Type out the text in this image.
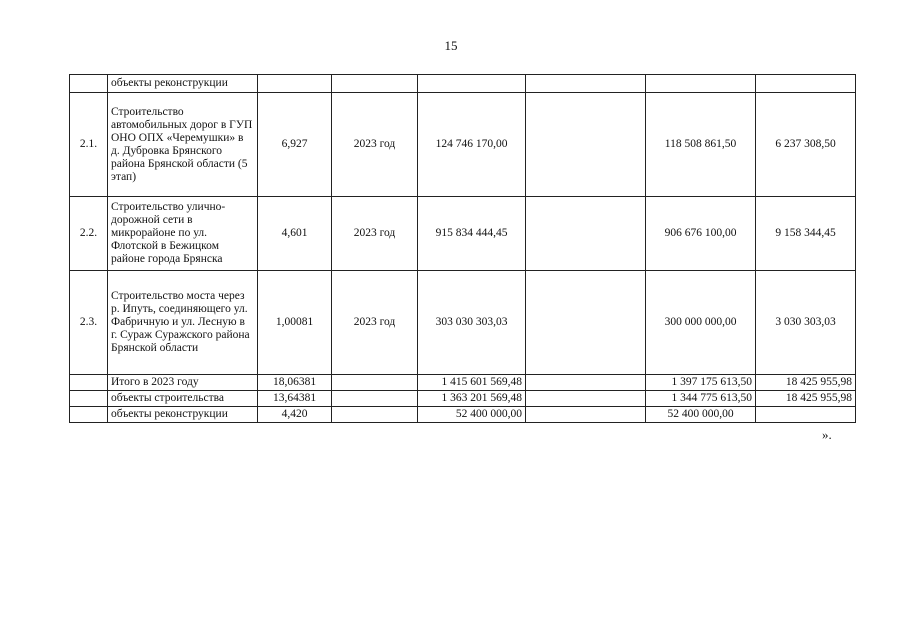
15
	объекты реконструкции						
2.1.	Строительство автомобильных дорог в ГУП ОНО ОПХ «Черемушки» в д. Дубровка Брянского района Брянской области (5 этап)	6,927	2023 год	124 746 170,00		118 508 861,50	6 237 308,50
2.2.	Строительство улично-дорожной сети в микрорайоне по ул. Флотской в Бежицком районе города Брянска	4,601	2023 год	915 834 444,45		906 676 100,00	9 158 344,45
2.3.	Строительство моста через р. Ипуть, соединяющего ул. Фабричную и ул. Лесную в г. Сураж Суражского района Брянской области	1,00081	2023 год	303 030 303,03		300 000 000,00	3 030 303,03
	Итого в 2023 году	18,06381		1 415 601 569,48		1 397 175 613,50	18 425 955,98
	объекты строительства	13,64381		1 363 201 569,48		1 344 775 613,50	18 425 955,98
	объекты реконструкции	4,420		52 400 000,00		52 400 000,00	
».
